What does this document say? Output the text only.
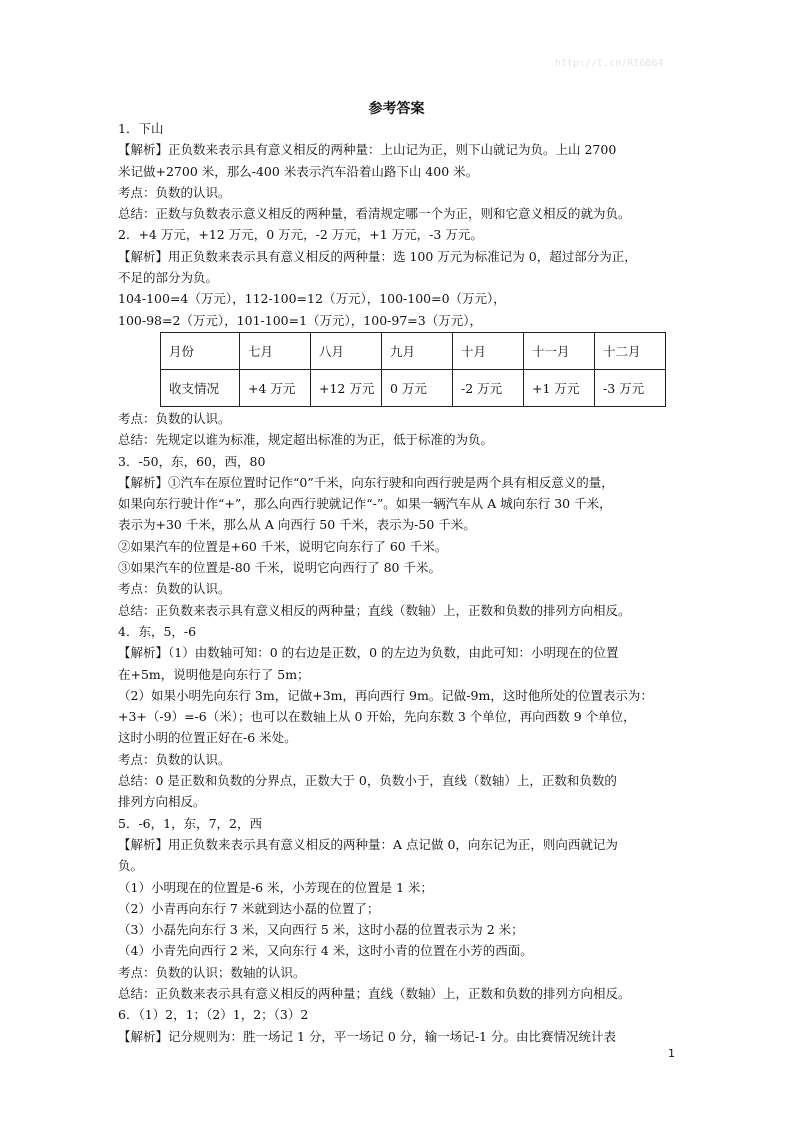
http://t.cn/RI6B64
参考答案
1．下山
【解析】正负数来表示具有意义相反的两种量：上山记为正，则下山就记为负。上山 2700
米记做+2700 米，那么-400 米表示汽车沿着山路下山 400 米。
考点：负数的认识。
总结：正数与负数表示意义相反的两种量，看清规定哪一个为正，则和它意义相反的就为负。
2．+4 万元，+12 万元，0 万元，-2 万元，+1 万元，-3 万元。
【解析】用正负数来表示具有意义相反的两种量：选 100 万元为标准记为 0，超过部分为正，
不足的部分为负。
104-100=4（万元），112-100=12（万元），100-100=0（万元），
100-98=2（万元），101-100=1（万元），100-97=3（万元），
月份	七月	八月	九月	十月	十一月	十二月
收支情况	+4 万元	+12 万元	0 万元	-2 万元	+1 万元	-3 万元
考点：负数的认识。
总结：先规定以谁为标准，规定超出标准的为正，低于标准的为负。
3．-50，东，60，西，80
【解析】①汽车在原位置时记作“0”千米，向东行驶和向西行驶是两个具有相反意义的量，
如果向东行驶计作“+”，那么向西行驶就记作“-”。如果一辆汽车从 A 城向东行 30 千米，
表示为+30 千米，那么从 A 向西行 50 千米，表示为-50 千米。
②如果汽车的位置是+60 千米，说明它向东行了 60 千米。
③如果汽车的位置是-80 千米，说明它向西行了 80 千米。
考点：负数的认识。
总结：正负数来表示具有意义相反的两种量；直线（数轴）上，正数和负数的排列方向相反。
4．东，5，-6
【解析】（1）由数轴可知：0 的右边是正数，0 的左边为负数，由此可知：小明现在的位置
在+5m，说明他是向东行了 5m；
（2）如果小明先向东行 3m，记做+3m，再向西行 9m。记做-9m，这时他所处的位置表示为：
+3+（-9）=-6（米）；也可以在数轴上从 0 开始，先向东数 3 个单位，再向西数 9 个单位，
这时小明的位置正好在-6 米处。
考点：负数的认识。
总结：0 是正数和负数的分界点，正数大于 0，负数小于，直线（数轴）上，正数和负数的
排列方向相反。
5．-6，1，东，7，2，西
【解析】用正负数来表示具有意义相反的两种量：A 点记做 0，向东记为正，则向西就记为
负。
（1）小明现在的位置是-6 米，小芳现在的位置是 1 米；
（2）小青再向东行 7 米就到达小磊的位置了；
（3）小磊先向东行 3 米，又向西行 5 米，这时小磊的位置表示为 2 米；
（4）小青先向西行 2 米，又向东行 4 米，这时小青的位置在小芳的西面。
考点：负数的认识；数轴的认识。
总结：正负数来表示具有意义相反的两种量；直线（数轴）上，正数和负数的排列方向相反。
6．（1）2，1；（2）1，2；（3）2
【解析】记分规则为：胜一场记 1 分，平一场记 0 分，输一场记-1 分。由比赛情况统计表
1
